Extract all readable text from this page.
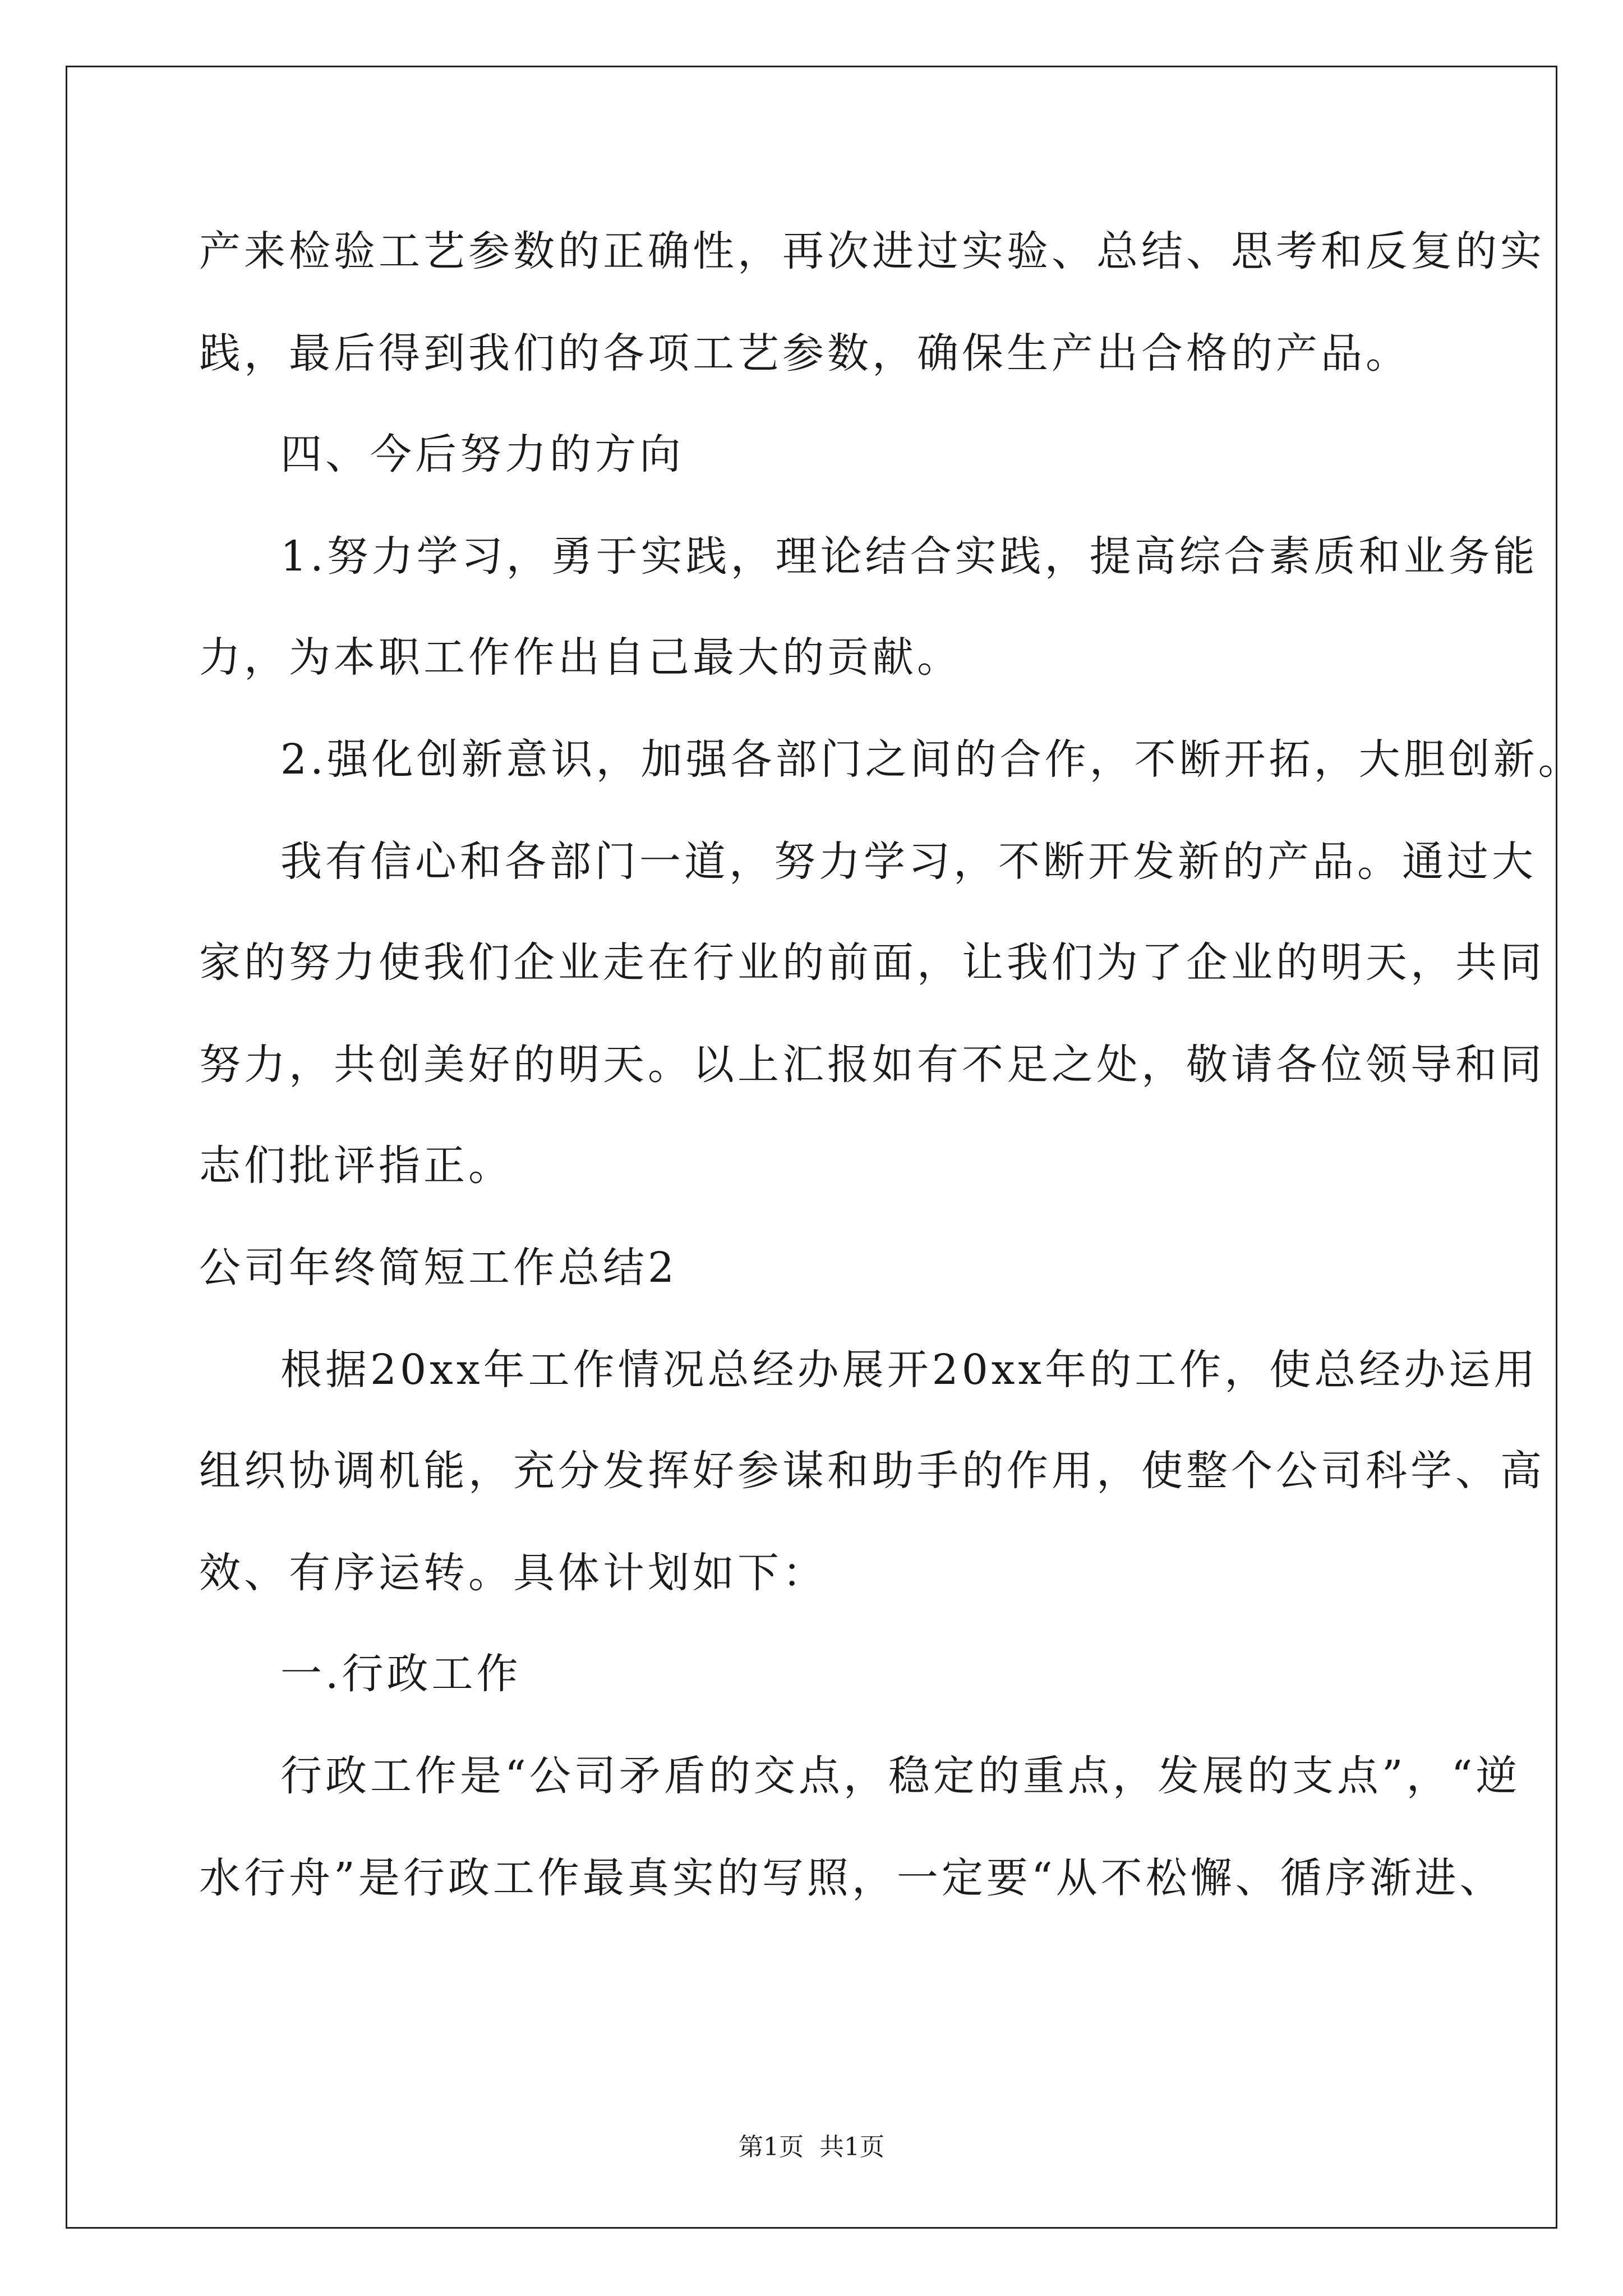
产来检验工艺参数的正确性，再次进过实验、总结、思考和反复的实
践，最后得到我们的各项工艺参数，确保生产出合格的产品。
四、今后努力的方向
1.努力学习，勇于实践，理论结合实践，提高综合素质和业务能
力，为本职工作作出自己最大的贡献。
2.强化创新意识，加强各部门之间的合作，不断开拓，大胆创新。
我有信心和各部门一道，努力学习，不断开发新的产品。通过大
家的努力使我们企业走在行业的前面，让我们为了企业的明天，共同
努力，共创美好的明天。以上汇报如有不足之处，敬请各位领导和同
志们批评指正。
公司年终简短工作总结2
根据20xx年工作情况总经办展开20xx年的工作，使总经办运用
组织协调机能，充分发挥好参谋和助手的作用，使整个公司科学、高
效、有序运转。具体计划如下：
一.行政工作
行政工作是“公司矛盾的交点，稳定的重点，发展的支点”，“逆
水行舟”是行政工作最真实的写照，一定要“从不松懈、循序渐进、
第1页  共1页
